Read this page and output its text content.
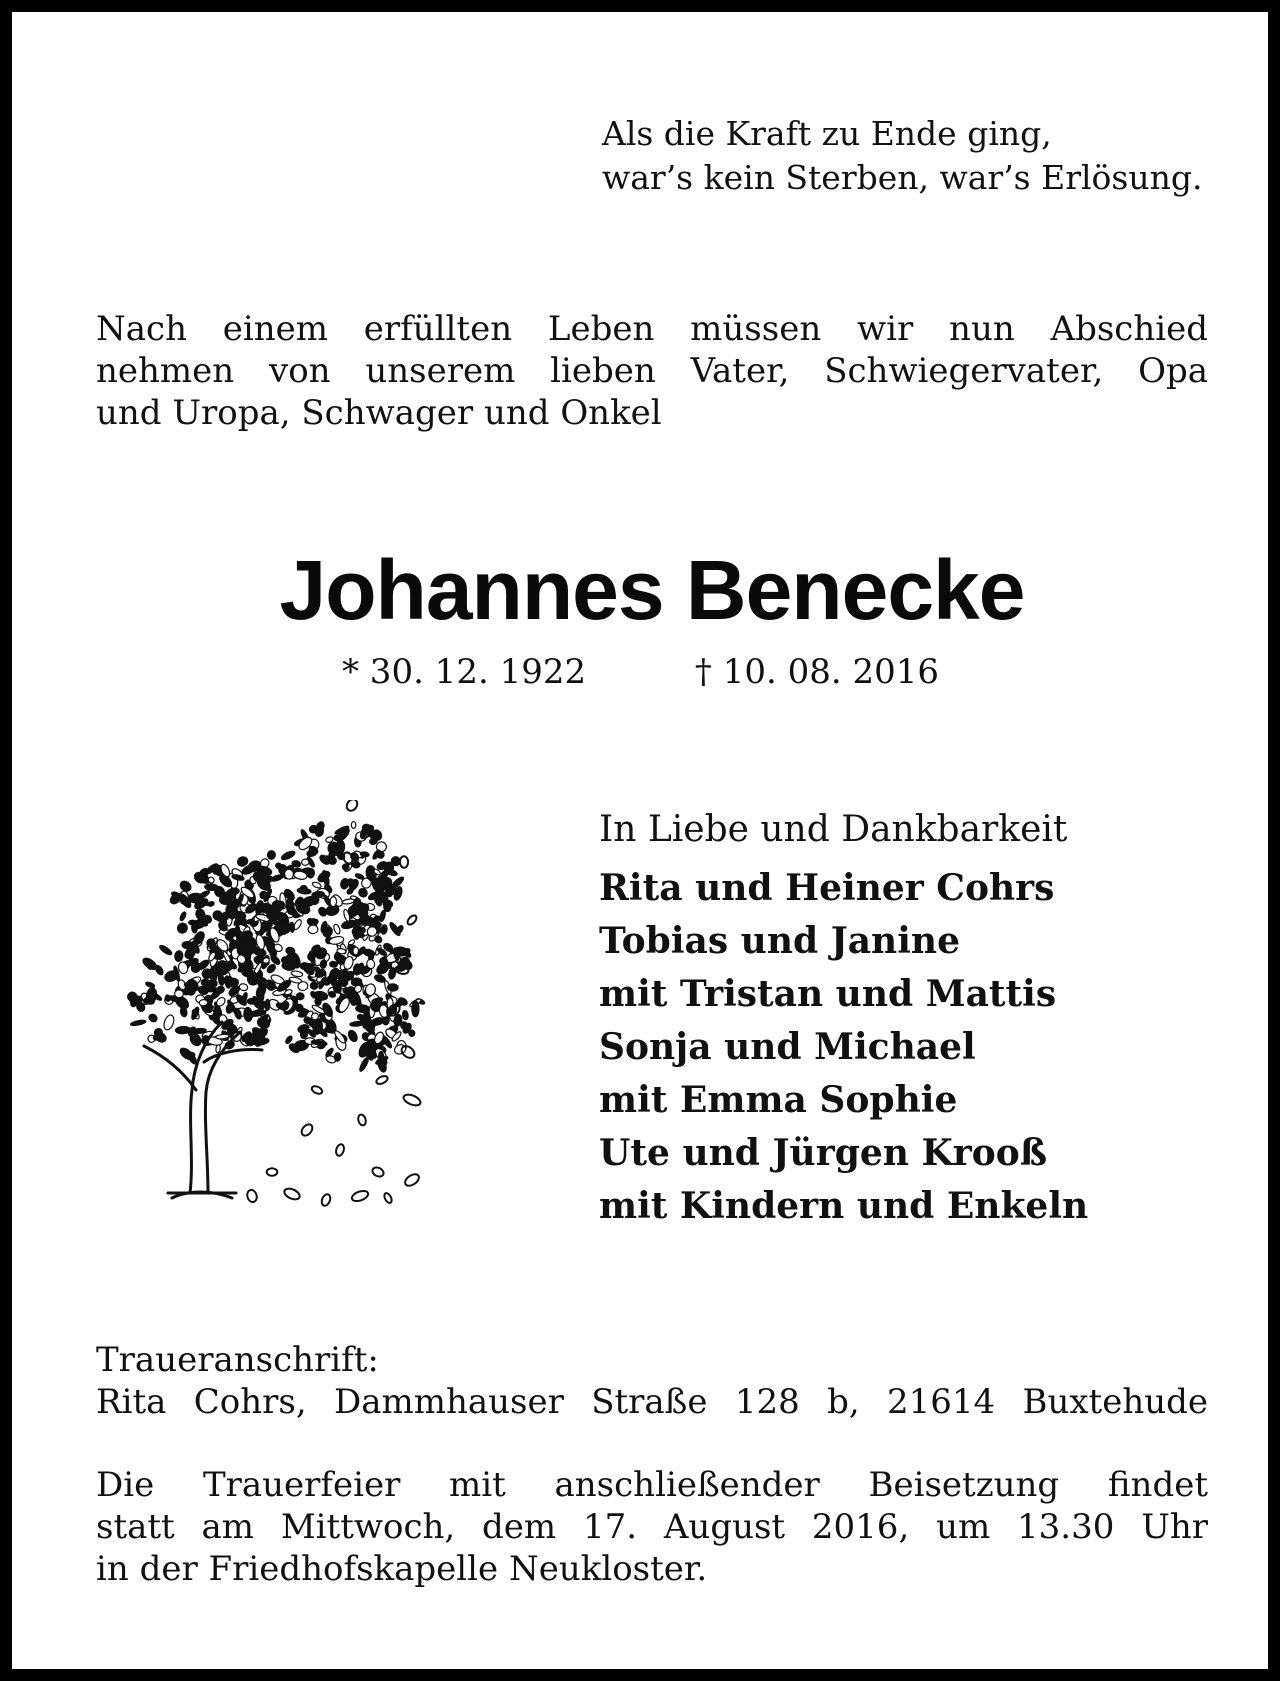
Als die Kraft zu Ende ging,
war’s kein Sterben, war’s Erlösung.
Nach einem erfüllten Leben müssen wir nun Abschied
nehmen von unserem lieben Vater, Schwiegervater, Opa
und Uropa, Schwager und Onkel
Johannes Benecke
* 30. 12. 1922	† 10. 08. 2016
In Liebe und Dankbarkeit
Rita und Heiner Cohrs
Tobias und Janine
mit Tristan und Mattis
Sonja und Michael
mit Emma Sophie
Ute und Jürgen Krooß
mit Kindern und Enkeln
Traueranschrift:
Rita Cohrs, Dammhauser Straße 128 b, 21614 Buxtehude
Die Trauerfeier mit anschließender Beisetzung findet
statt am Mittwoch, dem 17. August 2016, um 13.30 Uhr
in der Friedhofskapelle Neukloster.
